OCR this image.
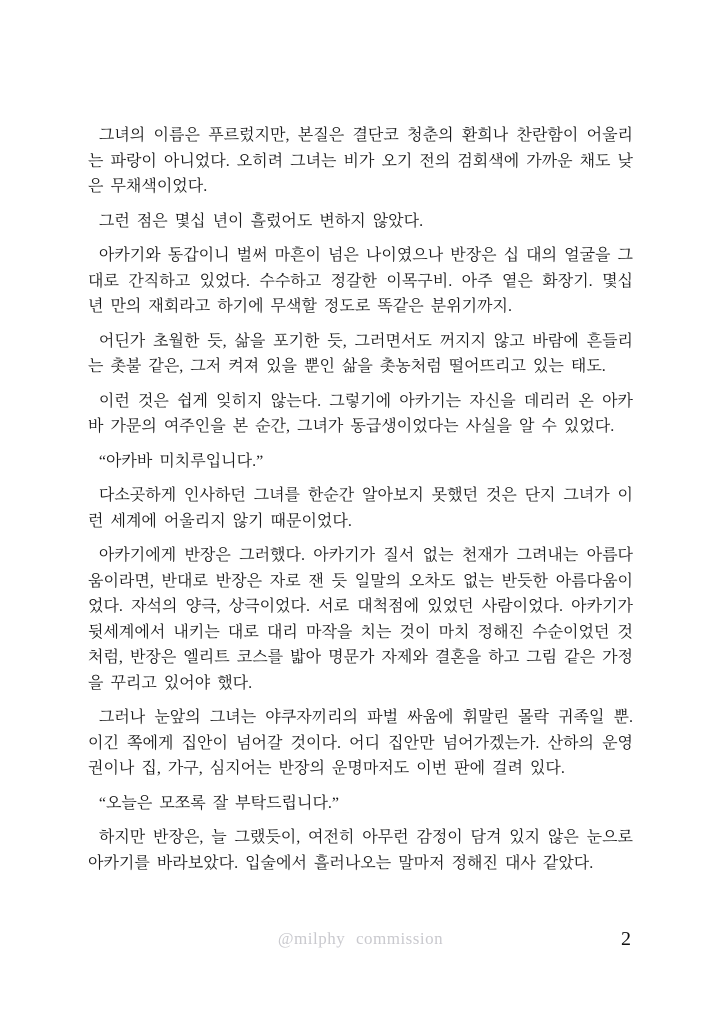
그녀의 이름은 푸르렀지만, 본질은 결단코 청춘의 환희나 찬란함이 어울리는 파랑이 아니었다. 오히려 그녀는 비가 오기 전의 검회색에 가까운 채도 낮은 무채색이었다.

그런 점은 몇십 년이 흘렀어도 변하지 않았다.

아카기와 동갑이니 벌써 마흔이 넘은 나이였으나 반장은 십 대의 얼굴을 그대로 간직하고 있었다. 수수하고 정갈한 이목구비. 아주 옅은 화장기. 몇십 년 만의 재회라고 하기에 무색할 정도로 똑같은 분위기까지.

어딘가 초월한 듯, 삶을 포기한 듯, 그러면서도 꺼지지 않고 바람에 흔들리는 촛불 같은, 그저 켜져 있을 뿐인 삶을 촛농처럼 떨어뜨리고 있는 태도.

이런 것은 쉽게 잊히지 않는다. 그렇기에 아카기는 자신을 데리러 온 아카바 가문의 여주인을 본 순간, 그녀가 동급생이었다는 사실을 알 수 있었다.

“아카바 미치루입니다.”

다소곳하게 인사하던 그녀를 한순간 알아보지 못했던 것은 단지 그녀가 이런 세계에 어울리지 않기 때문이었다.

아카기에게 반장은 그러했다. 아카기가 질서 없는 천재가 그려내는 아름다움이라면, 반대로 반장은 자로 잰 듯 일말의 오차도 없는 반듯한 아름다움이었다. 자석의 양극, 상극이었다. 서로 대척점에 있었던 사람이었다. 아카기가 뒷세계에서 내키는 대로 대리 마작을 치는 것이 마치 정해진 수순이었던 것처럼, 반장은 엘리트 코스를 밟아 명문가 자제와 결혼을 하고 그림 같은 가정을 꾸리고 있어야 했다.

그러나 눈앞의 그녀는 야쿠자끼리의 파벌 싸움에 휘말린 몰락 귀족일 뿐. 이긴 쪽에게 집안이 넘어갈 것이다. 어디 집안만 넘어가겠는가. 산하의 운영권이나 집, 가구, 심지어는 반장의 운명마저도 이번 판에 걸려 있다.

“오늘은 모쪼록 잘 부탁드립니다.”

하지만 반장은, 늘 그랬듯이, 여전히 아무런 감정이 담겨 있지 않은 눈으로 아카기를 바라보았다. 입술에서 흘러나오는 말마저 정해진 대사 같았다.

@milphy commission	2
